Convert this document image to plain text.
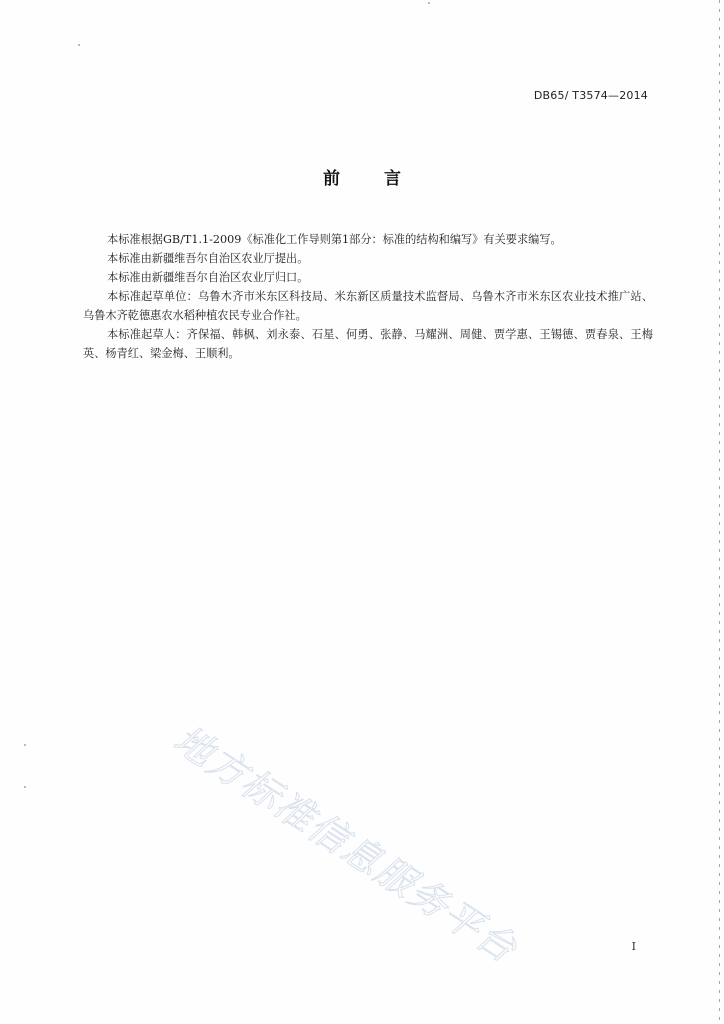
DB65/ T3574—2014
前言

本标准根据GB/T1.1-2009《标准化工作导则第1部分：标准的结构和编写》有关要求编写。

本标准由新疆维吾尔自治区农业厅提出。

本标准由新疆维吾尔自治区农业厅归口。

本标准起草单位：乌鲁木齐市米东区科技局、米东新区质量技术监督局、乌鲁木齐市米东区农业技术推广站、乌鲁木齐乾德惠农水稻种植农民专业合作社。

本标准起草人：齐保福、韩枫、刘永泰、石星、何勇、张静、马耀洲、周健、贾学惠、王锡德、贾春泉、王梅英、杨青红、梁金梅、王顺利。

地方标准信息服务平台	I
